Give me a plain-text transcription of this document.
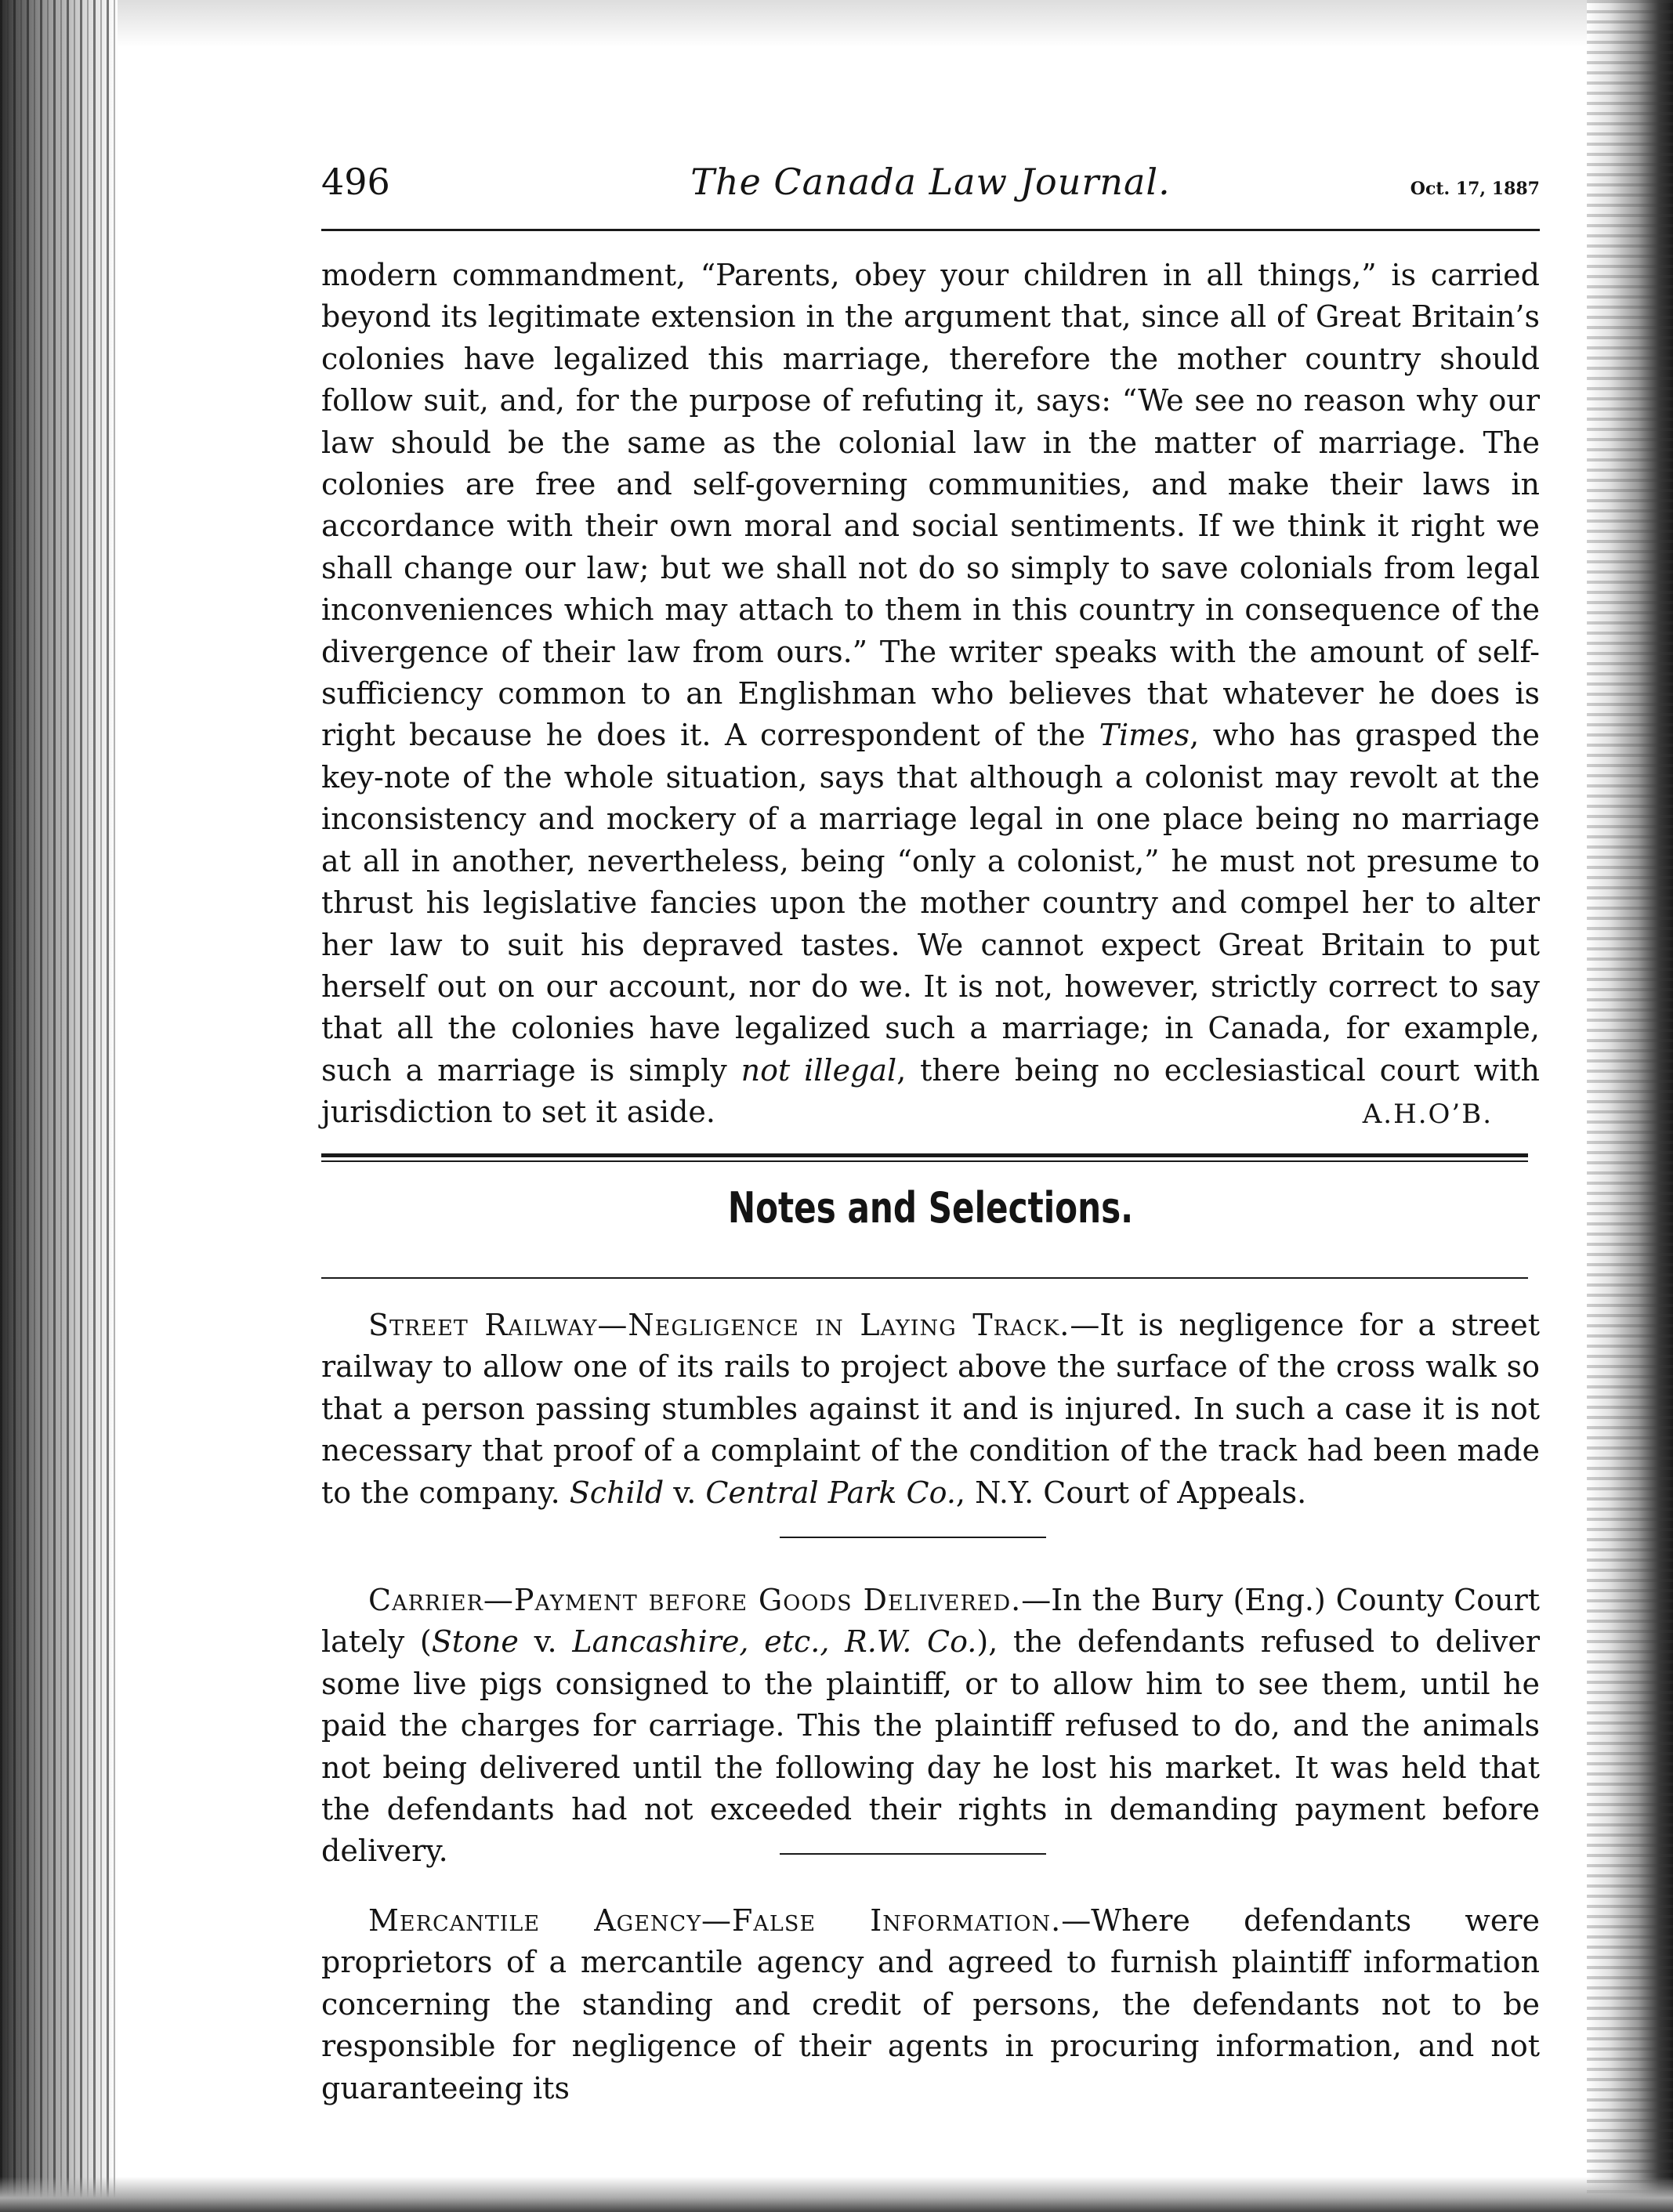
496	The Canada Law Journal.	Oct. 17, 1887

modern commandment, “Parents, obey your children in all things,” is carried beyond its legitimate extension in the argument that, since all of Great Britain’s colonies have legalized this marriage, therefore the mother country should follow suit, and, for the purpose of refuting it, says: “We see no reason why our law should be the same as the colonial law in the matter of marriage. The colonies are free and self-governing communities, and make their laws in accordance with their own moral and social sentiments. If we think it right we shall change our law; but we shall not do so simply to save colonials from legal inconveniences which may attach to them in this country in consequence of the divergence of their law from ours.” The writer speaks with the amount of self-sufficiency common to an Englishman who believes that whatever he does is right because he does it. A correspondent of the Times, who has grasped the key-note of the whole situation, says that although a colonist may revolt at the inconsistency and mockery of a marriage legal in one place being no marriage at all in another, nevertheless, being “only a colonist,” he must not presume to thrust his legislative fancies upon the mother country and compel her to alter her law to suit his depraved tastes. We cannot expect Great Britain to put herself out on our account, nor do we. It is not, however, strictly correct to say that all the colonies have legalized such a marriage; in Canada, for example, such a marriage is simply not illegal, there being no ecclesiastical court with jurisdiction to set it aside.	A.H.O’B.
Notes and Selections.

Street Railway—Negligence in Laying Track.—It is negligence for a street railway to allow one of its rails to project above the surface of the cross walk so that a person passing stumbles against it and is injured. In such a case it is not necessary that proof of a complaint of the condition of the track had been made to the company. Schild v. Central Park Co., N.Y. Court of Appeals.

Carrier—Payment before Goods Delivered.—In the Bury (Eng.) County Court lately (Stone v. Lancashire, etc., R.W. Co.), the defendants refused to deliver some live pigs consigned to the plaintiff, or to allow him to see them, until he paid the charges for carriage. This the plaintiff refused to do, and the animals not being delivered until the following day he lost his market. It was held that the defendants had not exceeded their rights in demanding payment before delivery.

Mercantile Agency—False Information.—Where defendants were proprietors of a mercantile agency and agreed to furnish plaintiff information concerning the standing and credit of persons, the defendants not to be responsible for negligence of their agents in procuring information, and not guaranteeing its
